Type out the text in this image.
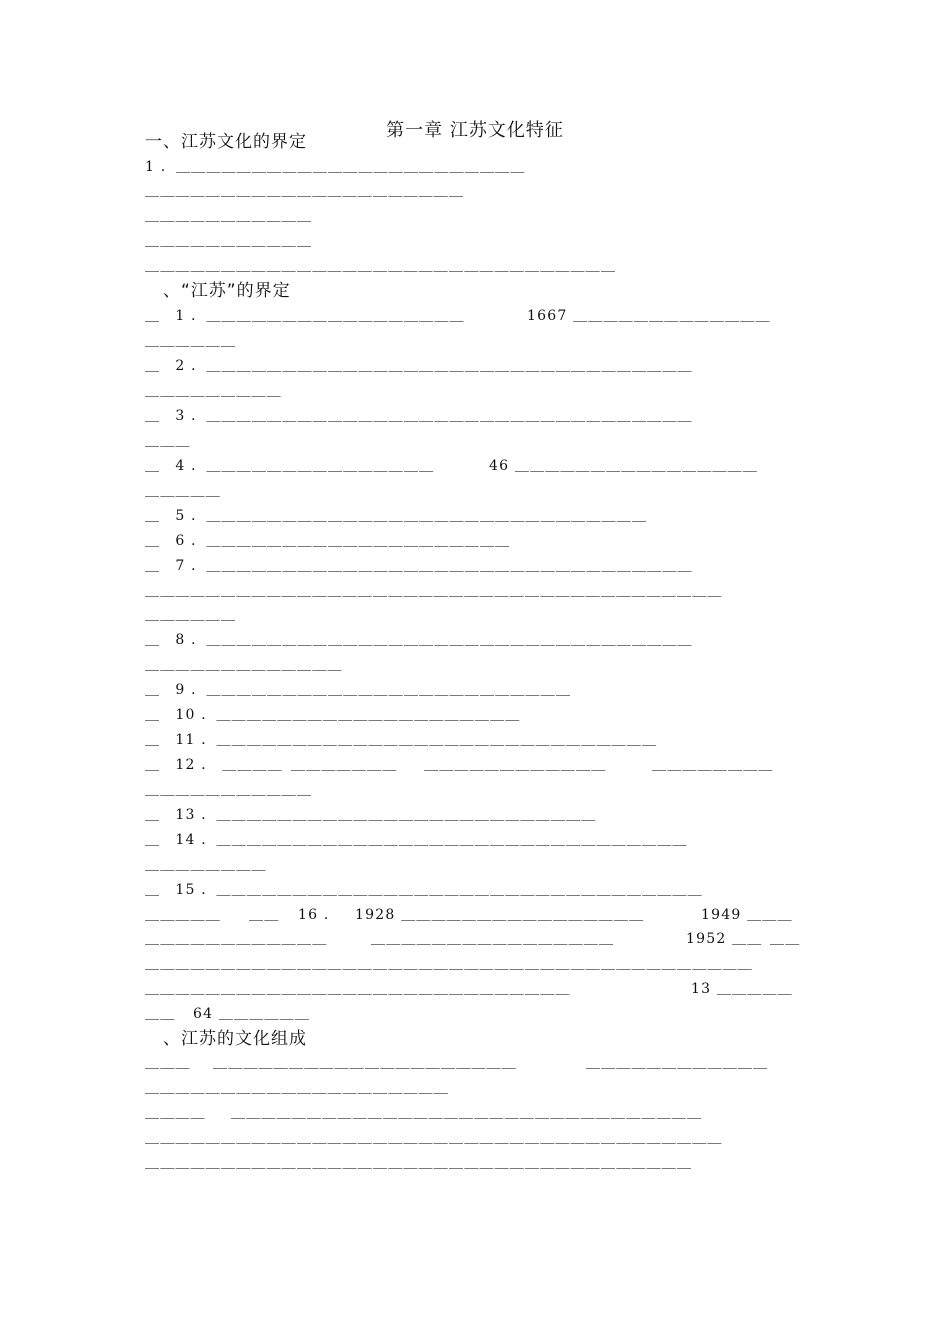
第一章 江苏文化特征
一、江苏文化的界定
1 ．＿＿＿＿＿＿＿＿＿＿＿＿＿＿＿＿＿＿＿＿＿＿＿
＿＿＿＿＿＿＿＿＿＿＿＿＿＿＿＿＿＿＿＿＿
＿＿＿＿＿＿＿＿＿＿＿
＿＿＿＿＿＿＿＿＿＿＿
＿＿＿＿＿＿＿＿＿＿＿＿＿＿＿＿＿＿＿＿＿＿＿＿＿＿＿＿＿＿＿
　、“江苏”的界定
＿　1 ．＿＿＿＿＿＿＿＿＿＿＿＿＿＿＿＿＿	1667 ＿＿＿＿＿＿＿＿＿＿＿＿＿
＿＿＿＿＿＿
＿　2 ．＿＿＿＿＿＿＿＿＿＿＿＿＿＿＿＿＿＿＿＿＿＿＿＿＿＿＿＿＿＿＿＿
＿＿＿＿＿＿＿＿＿
＿　3 ．＿＿＿＿＿＿＿＿＿＿＿＿＿＿＿＿＿＿＿＿＿＿＿＿＿＿＿＿＿＿＿＿
＿＿＿
＿　4 ．＿＿＿＿＿＿＿＿＿＿＿＿＿＿＿	46 ＿＿＿＿＿＿＿＿＿＿＿＿＿＿＿＿
＿＿＿＿＿
＿　5 ．＿＿＿＿＿＿＿＿＿＿＿＿＿＿＿＿＿＿＿＿＿＿＿＿＿＿＿＿＿
＿　6 ．＿＿＿＿＿＿＿＿＿＿＿＿＿＿＿＿＿＿＿＿
＿　7 ．＿＿＿＿＿＿＿＿＿＿＿＿＿＿＿＿＿＿＿＿＿＿＿＿＿＿＿＿＿＿＿＿
＿＿＿＿＿＿＿＿＿＿＿＿＿＿＿＿＿＿＿＿＿＿＿＿＿＿＿＿＿＿＿＿＿＿＿＿＿＿
＿＿＿＿＿＿
＿　8 ．＿＿＿＿＿＿＿＿＿＿＿＿＿＿＿＿＿＿＿＿＿＿＿＿＿＿＿＿＿＿＿＿
＿＿＿＿＿＿＿＿＿＿＿＿＿
＿　9 ．＿＿＿＿＿＿＿＿＿＿＿＿＿＿＿＿＿＿＿＿＿＿＿＿
＿　10 ．＿＿＿＿＿＿＿＿＿＿＿＿＿＿＿＿＿＿＿＿
＿　11 ．＿＿＿＿＿＿＿＿＿＿＿＿＿＿＿＿＿＿＿＿＿＿＿＿＿＿＿＿＿
＿　12 ． ＿＿＿＿ ＿＿＿＿＿＿＿ ＿＿＿＿＿＿＿＿＿＿＿＿	＿＿＿＿＿＿＿＿
＿＿＿＿＿＿＿＿＿＿＿
＿　13 ．＿＿＿＿＿＿＿＿＿＿＿＿＿＿＿＿＿＿＿＿＿＿＿＿＿
＿　14 ．＿＿＿＿＿＿＿＿＿＿＿＿＿＿＿＿＿＿＿＿＿＿＿＿＿＿＿＿＿＿＿
＿＿＿＿＿＿＿＿
＿　15 ．＿＿＿＿＿＿＿＿＿＿＿＿＿＿＿＿＿＿＿＿＿＿＿＿＿＿＿＿＿＿＿＿
＿＿＿＿＿ ＿＿ 16 ． 1928 ＿＿＿＿＿＿＿＿＿＿＿＿＿＿＿＿	1949 ＿＿＿
＿＿＿＿＿＿＿＿＿＿＿＿	＿＿＿＿＿＿＿＿＿＿＿＿＿＿＿＿	1952 ＿＿ ＿＿
＿＿＿＿＿＿＿＿＿＿＿＿＿＿＿＿＿＿＿＿＿＿＿＿＿＿＿＿＿＿＿＿＿＿＿＿＿＿＿＿
＿＿＿＿＿＿＿＿＿＿＿＿＿＿＿＿＿＿＿＿＿＿＿＿＿＿＿＿	13 ＿＿＿＿＿
＿＿ 64 ＿＿＿＿＿＿
　、江苏的文化组成
＿＿＿ ＿＿＿＿＿＿＿＿＿＿＿＿＿＿＿＿＿＿＿＿	＿＿＿＿＿＿＿＿＿＿＿＿
＿＿＿＿＿＿＿＿＿＿＿＿＿＿＿＿＿＿＿＿
＿＿＿＿ ＿＿＿＿＿＿＿＿＿＿＿＿＿＿＿＿＿＿＿＿＿＿＿＿＿＿＿＿＿＿＿
＿＿＿＿＿＿＿＿＿＿＿＿＿＿＿＿＿＿＿＿＿＿＿＿＿＿＿＿＿＿＿＿＿＿＿＿＿＿
＿＿＿＿＿＿＿＿＿＿＿＿＿＿＿＿＿＿＿＿＿＿＿＿＿＿＿＿＿＿＿＿＿＿＿＿
